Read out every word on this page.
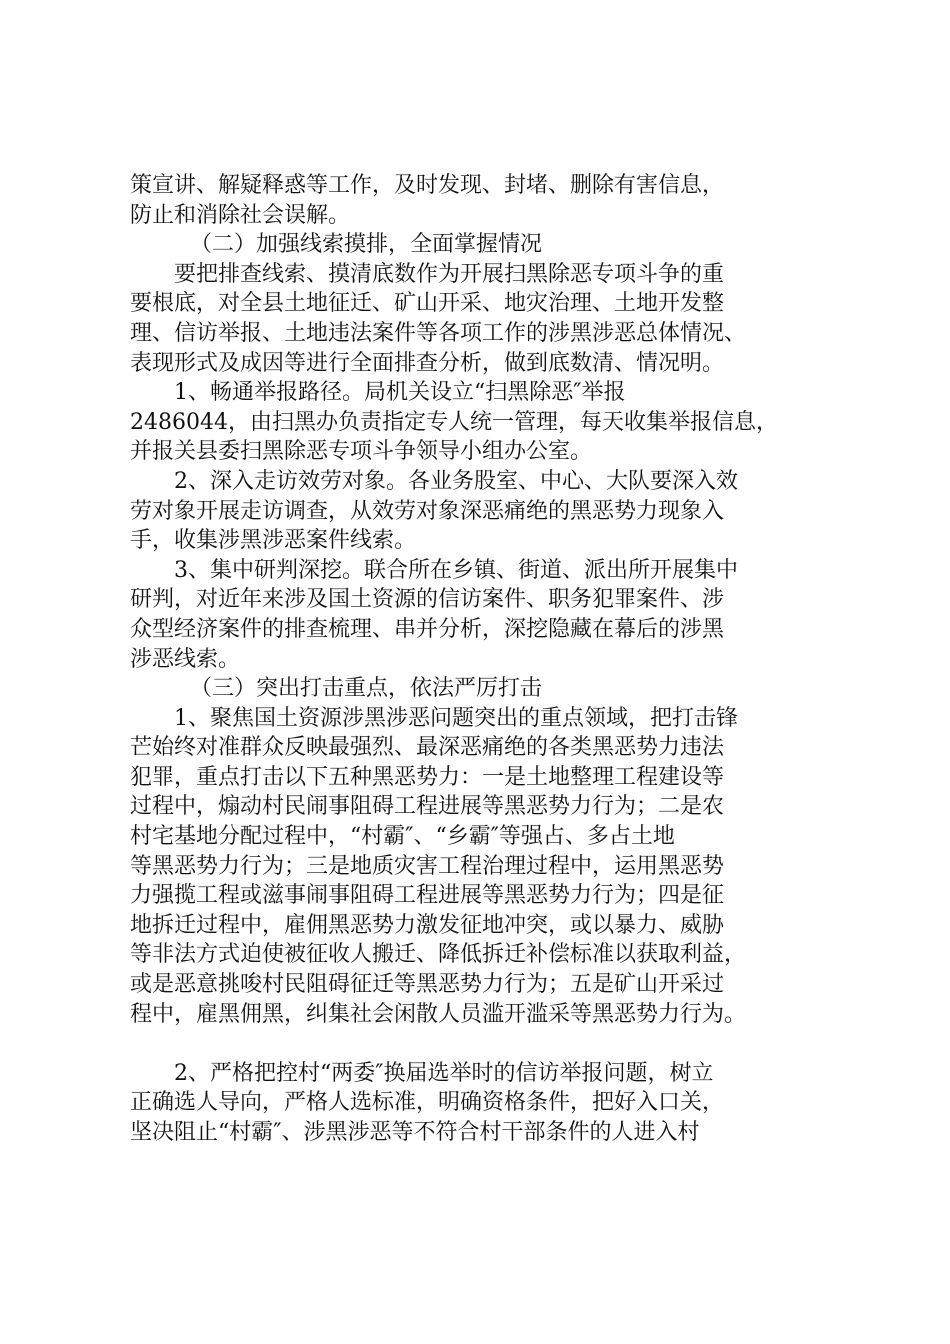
策宣讲、解疑释惑等工作，及时发现、封堵、删除有害信息，
防止和消除社会误解。
（二）加强线索摸排，全面掌握情况
要把排查线索、摸清底数作为开展扫黑除恶专项斗争的重
要根底，对全县土地征迁、矿山开采、地灾治理、土地开发整
理、信访举报、土地违法案件等各项工作的涉黑涉恶总体情况、
表现形式及成因等进行全面排查分析，做到底数清、情况明。
1、畅通举报路径。局机关设立“扫黑除恶″举报
2486044，由扫黑办负责指定专人统一管理，每天收集举报信息，
并报关县委扫黑除恶专项斗争领导小组办公室。
2、深入走访效劳对象。各业务股室、中心、大队要深入效
劳对象开展走访调查，从效劳对象深恶痛绝的黑恶势力现象入
手，收集涉黑涉恶案件线索。
3、集中研判深挖。联合所在乡镇、街道、派出所开展集中
研判，对近年来涉及国土资源的信访案件、职务犯罪案件、涉
众型经济案件的排查梳理、串并分析，深挖隐藏在幕后的涉黑
涉恶线索。
（三）突出打击重点，依法严厉打击
1、聚焦国土资源涉黑涉恶问题突出的重点领域，把打击锋
芒始终对准群众反映最强烈、最深恶痛绝的各类黑恶势力违法
犯罪，重点打击以下五种黑恶势力：一是土地整理工程建设等
过程中，煽动村民闹事阻碍工程进展等黑恶势力行为；二是农
村宅基地分配过程中，“村霸″、“乡霸″等强占、多占土地
等黑恶势力行为；三是地质灾害工程治理过程中，运用黑恶势
力强揽工程或滋事闹事阻碍工程进展等黑恶势力行为；四是征
地拆迁过程中，雇佣黑恶势力激发征地冲突，或以暴力、威胁
等非法方式迫使被征收人搬迁、降低拆迁补偿标准以获取利益，
或是恶意挑唆村民阻碍征迁等黑恶势力行为；五是矿山开采过
程中，雇黑佣黑，纠集社会闲散人员滥开滥采等黑恶势力行为。
2、严格把控村“两委″换届选举时的信访举报问题，树立
正确选人导向，严格人选标准，明确资格条件，把好入口关，
坚决阻止“村霸″、涉黑涉恶等不符合村干部条件的人进入村
